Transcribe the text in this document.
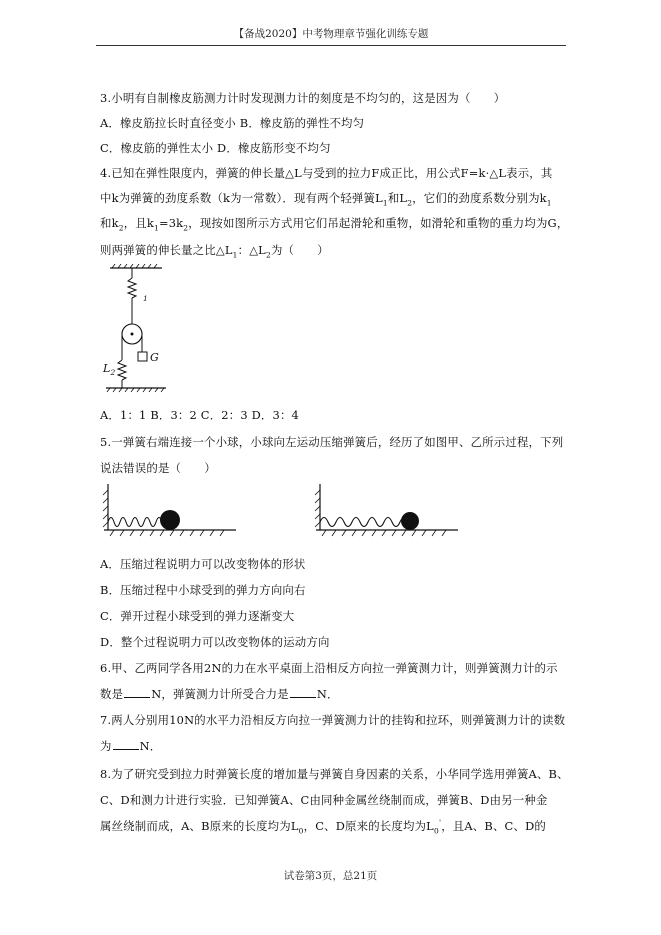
【备战2020】中考物理章节强化训练专题
3.小明有自制橡皮筋测力计时发现测力计的刻度是不均匀的，这是因为（　　）
A．橡皮筋拉长时直径变小 B．橡皮筋的弹性不均匀
C．橡皮筋的弹性太小 D．橡皮筋形变不均匀
4.已知在弹性限度内，弹簧的伸长量△L与受到的拉力F成正比，用公式F=k·△L表示，其
中k为弹簧的劲度系数（k为一常数）．现有两个轻弹簧$L_1$和$L_2$，它们的劲度系数分别为$k_1$
和$k_2$，且$k_1=3k_2$，现按如图所示方式用它们吊起滑轮和重物，如滑轮和重物的重力均为G，
则两弹簧的伸长量之比$\triangle L_1$：$\triangle L_2$为（　　）
$_1$
$L_2$
G
A．1：1 B．3：2 C．2：3 D．3：4
5.一弹簧右端连接一个小球，小球向左运动压缩弹簧后，经历了如图甲、乙所示过程，下列
说法错误的是（　　）
A．压缩过程说明力可以改变物体的形状
B．压缩过程中小球受到的弹力方向向右
C．弹开过程小球受到的弹力逐渐变大
D．整个过程说明力可以改变物体的运动方向
6.甲、乙两同学各用2N的力在水平桌面上沿相反方向拉一弹簧测力计，则弹簧测力计的示
数是 N，弹簧测力计所受合力是 N．
7.两人分别用10N的水平力沿相反方向拉一弹簧测力计的挂钩和拉环，则弹簧测力计的读数
为 N．
8.为了研究受到拉力时弹簧长度的增加量与弹簧自身因素的关系，小华同学选用弹簧A、B、
C、D和测力计进行实验．已知弹簧A、C由同种金属丝绕制而成，弹簧B、D由另一种金
属丝绕制而成，A、B原来的长度均为$L_0$，C、D原来的长度均为$L_0'$，且A、B、C、D的
试卷第3页，总21页
